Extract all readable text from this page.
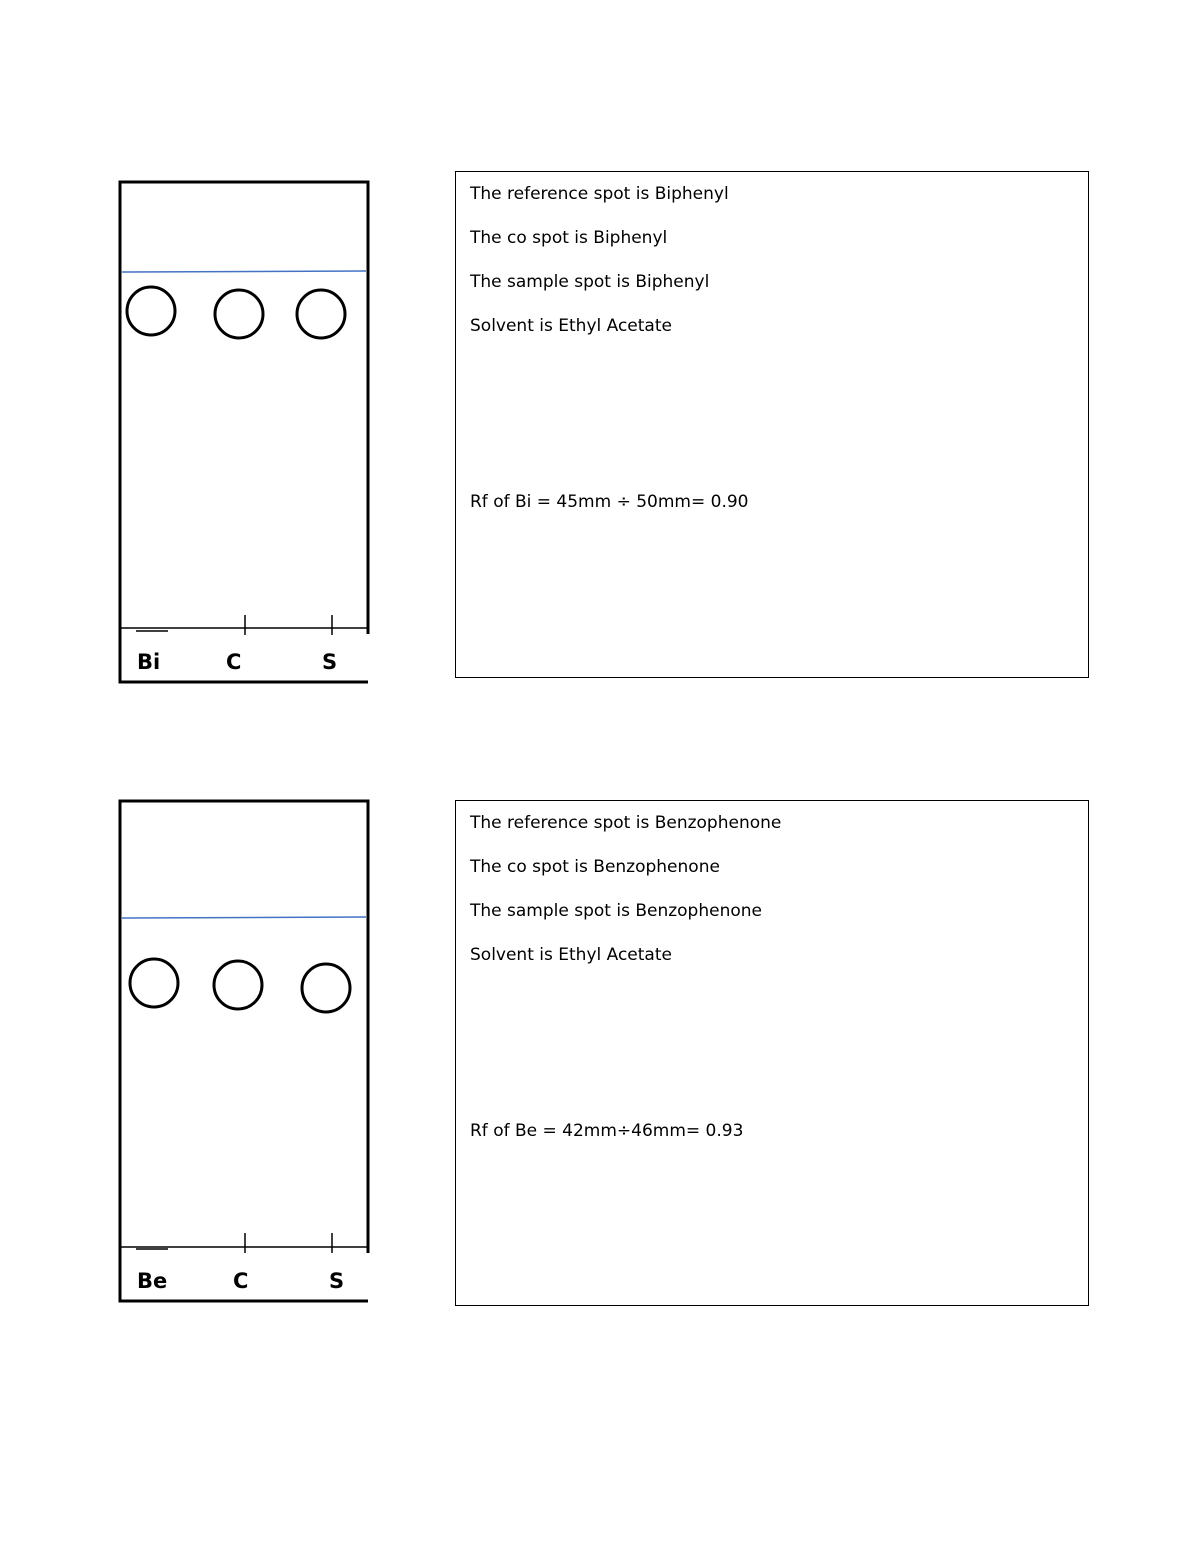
Bi	C	S

The reference spot is Biphenyl

The co spot is Biphenyl

The sample spot is Biphenyl

Solvent is Ethyl Acetate

Rf of Bi = 45mm ÷ 50mm= 0.90

Be	C	S

The reference spot is Benzophenone

The co spot is Benzophenone

The sample spot is Benzophenone

Solvent is Ethyl Acetate

Rf of Be = 42mm÷46mm= 0.93
